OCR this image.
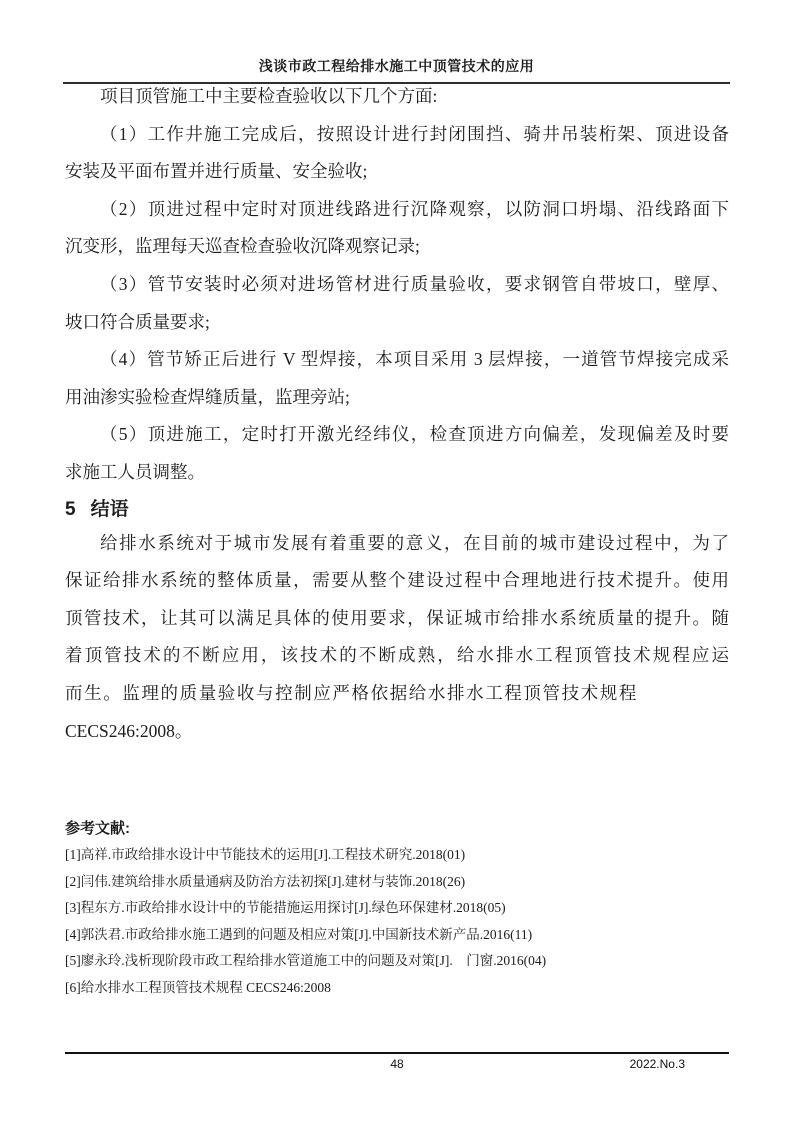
浅谈市政工程给排水施工中顶管技术的应用
项目顶管施工中主要检查验收以下几个方面:
（1）工作井施工完成后，按照设计进行封闭围挡、骑井吊装桁架、顶进设备
安装及平面布置并进行质量、安全验收;
（2）顶进过程中定时对顶进线路进行沉降观察，以防洞口坍塌、沿线路面下
沉变形，监理每天巡查检查验收沉降观察记录;
（3）管节安装时必须对进场管材进行质量验收，要求钢管自带坡口，壁厚、
坡口符合质量要求;
（4）管节矫正后进行 V 型焊接，本项目采用 3 层焊接，一道管节焊接完成采
用油渗实验检查焊缝质量，监理旁站;
（5）顶进施工，定时打开激光经纬仪，检查顶进方向偏差，发现偏差及时要
求施工人员调整。
5 结语
给排水系统对于城市发展有着重要的意义，在目前的城市建设过程中，为了
保证给排水系统的整体质量，需要从整个建设过程中合理地进行技术提升。使用
顶管技术，让其可以满足具体的使用要求，保证城市给排水系统质量的提升。随
着顶管技术的不断应用，该技术的不断成熟，给水排水工程顶管技术规程应运
而生。监理的质量验收与控制应严格依据给水排水工程顶管技术规程
CECS246:2008。
参考文献:
[1]高祥.市政给排水设计中节能技术的运用[J].工程技术研究.2018(01)
[2]闫伟.建筑给排水质量通病及防治方法初探[J].建材与装饰.2018(26)
[3]程东方.市政给排水设计中的节能措施运用探讨[J].绿色环保建材.2018(05)
[4]郭泆君.市政给排水施工遇到的问题及相应对策[J].中国新技术新产品.2016(11)
[5]廖永玲.浅析现阶段市政工程给排水管道施工中的问题及对策[J].    门窗.2016(04)
[6]给水排水工程顶管技术规程 CECS246:2008
48	2022.No.3
